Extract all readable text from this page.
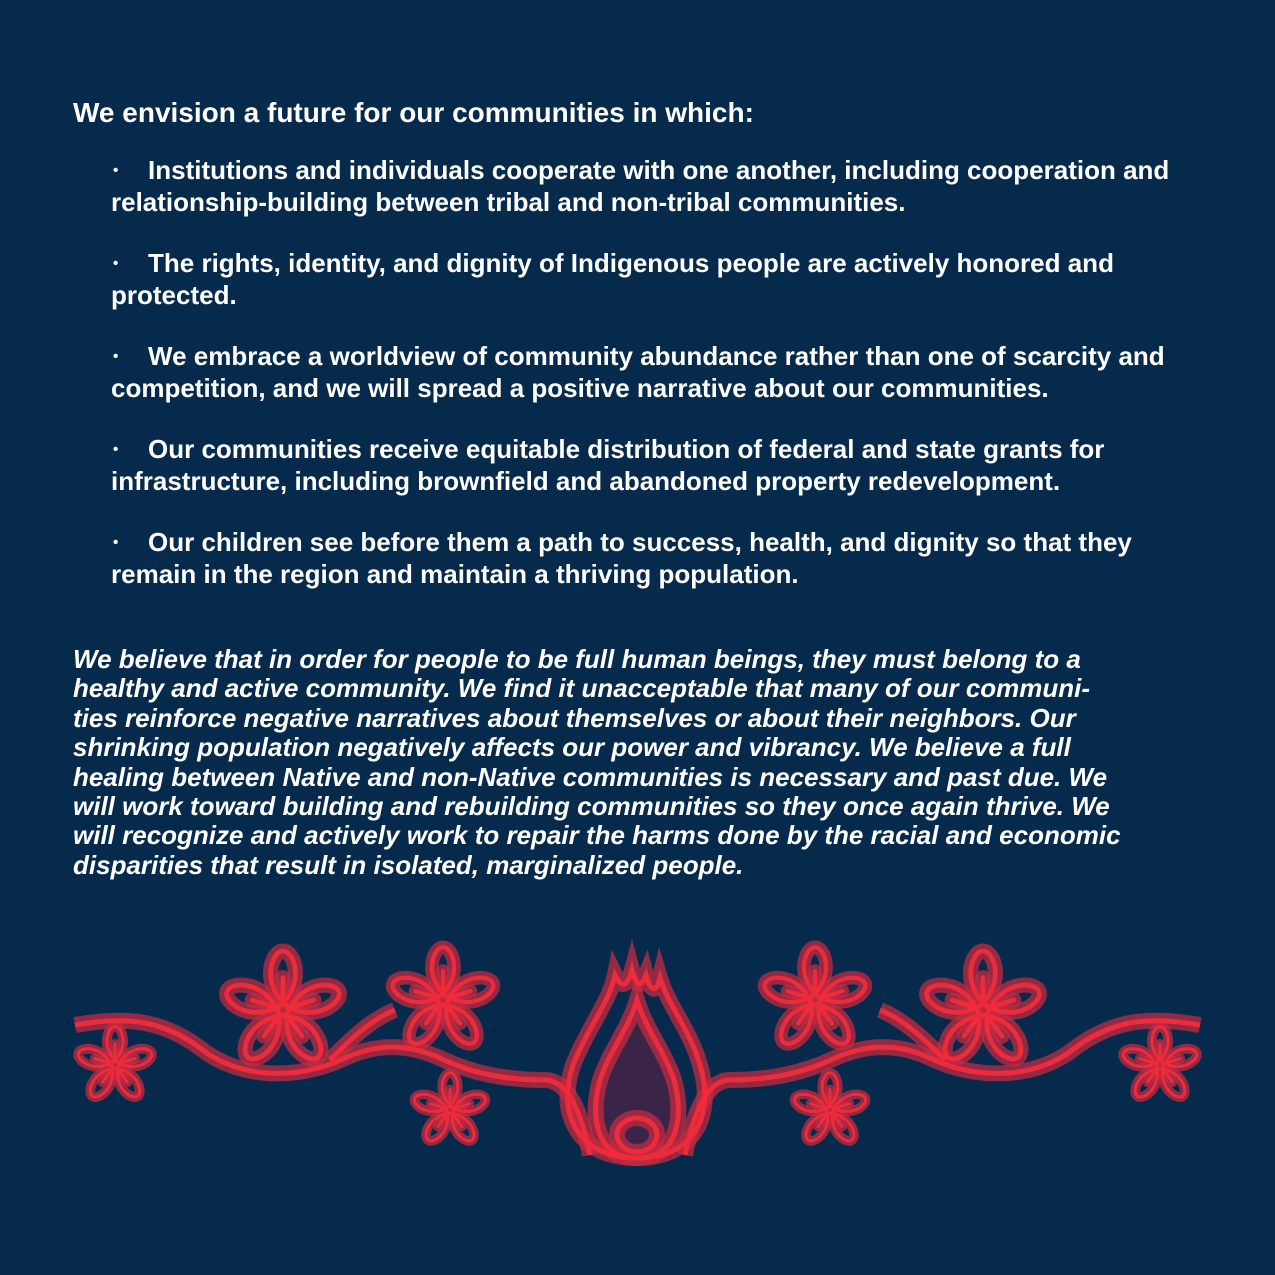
We envision a future for our communities in which:
• Institutions and individuals cooperate with one another, including cooperation and relationship-building between tribal and non-tribal communities.
• The rights, identity, and dignity of Indigenous people are actively honored and protected.
• We embrace a worldview of community abundance rather than one of scarcity and competition, and we will spread a positive narrative about our communities.
• Our communities receive equitable distribution of federal and state grants for infrastructure, including brownfield and abandoned property redevelopment.
• Our children see before them a path to success, health, and dignity so that they remain in the region and maintain a thriving population.

We believe that in order for people to be full human beings, they must belong to a
healthy and active community. We find it unacceptable that many of our communi-
ties reinforce negative narratives about themselves or about their neighbors. Our
shrinking population negatively affects our power and vibrancy. We believe a full
healing between Native and non-Native communities is necessary and past due. We
will work toward building and rebuilding communities so they once again thrive. We
will recognize and actively work to repair the harms done by the racial and economic
disparities that result in isolated, marginalized people.
